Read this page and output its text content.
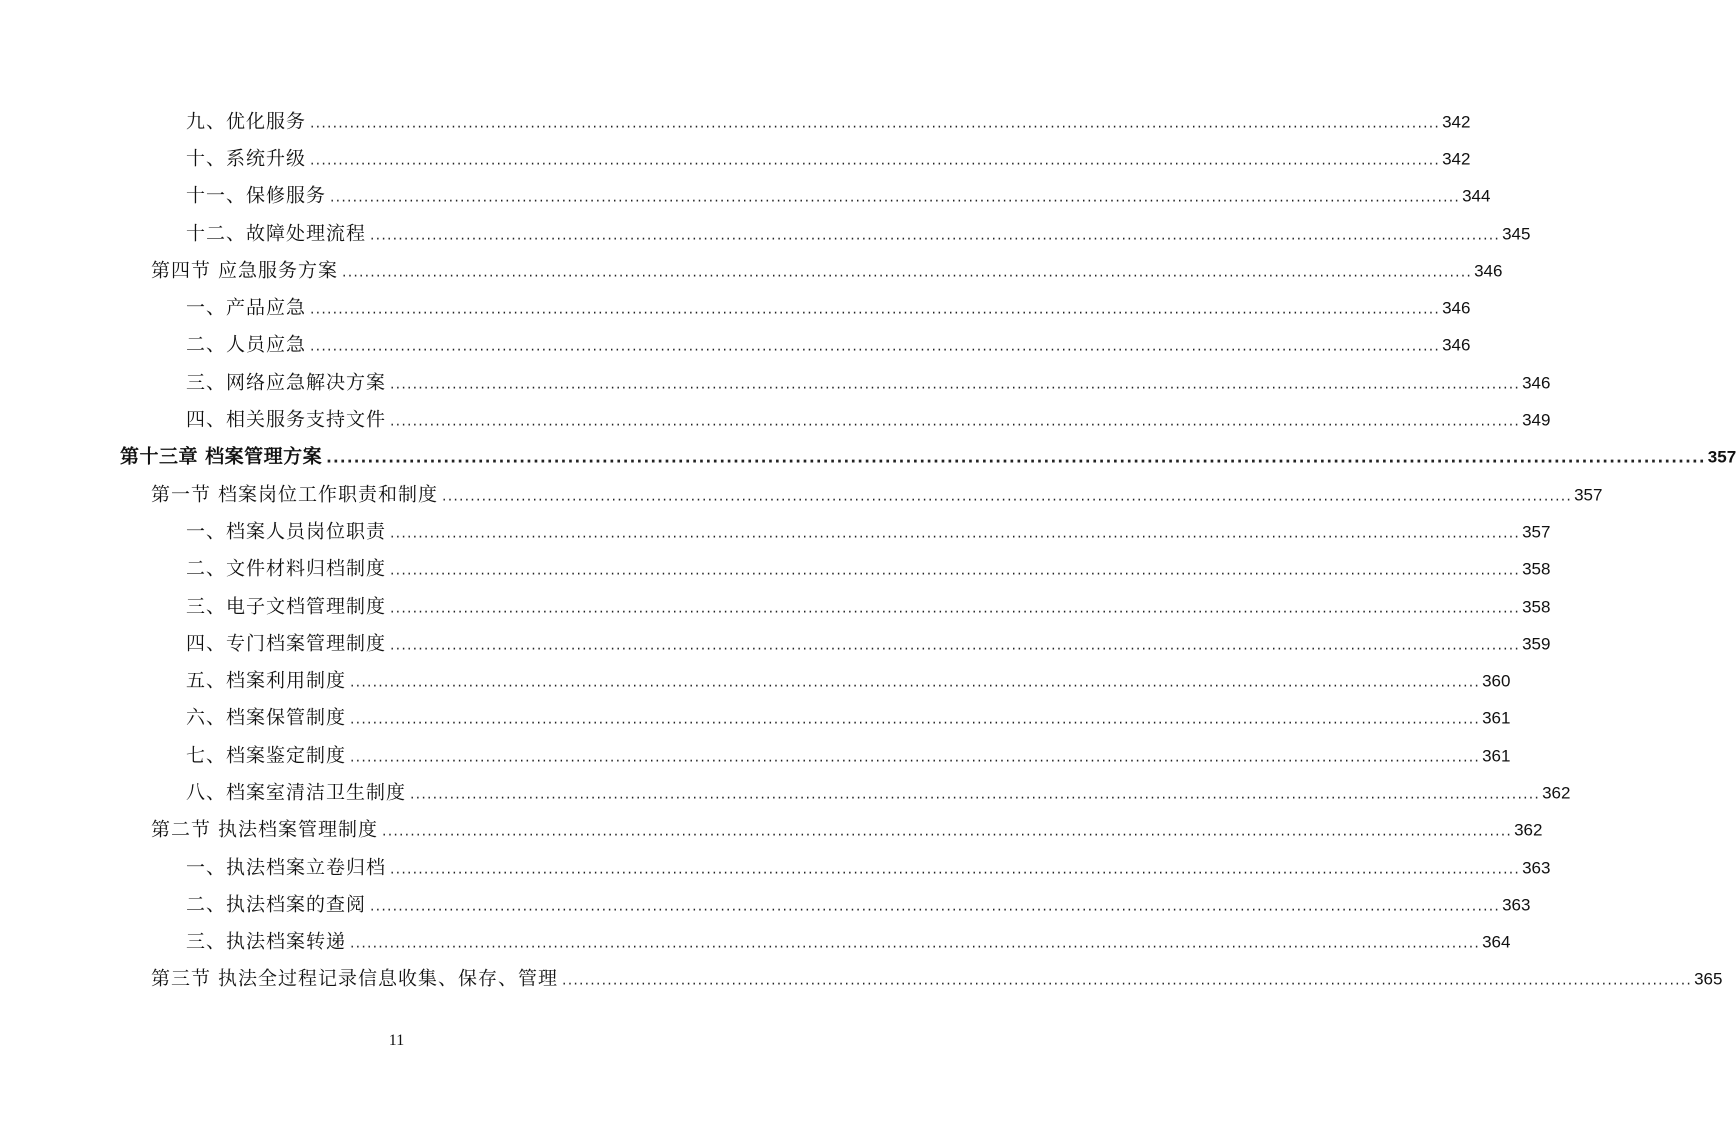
九、优化服务 ........................................................................................................................................................................................................ 342
十、系统升级 ........................................................................................................................................................................................................ 342
十一、保修服务 ........................................................................................................................................................................................................ 344
十二、故障处理流程 ........................................................................................................................................................................................................ 345
第四节 应急服务方案 ........................................................................................................................................................................................................ 346
一、产品应急 ........................................................................................................................................................................................................ 346
二、人员应急 ........................................................................................................................................................................................................ 346
三、网络应急解决方案 ........................................................................................................................................................................................................ 346
四、相关服务支持文件 ........................................................................................................................................................................................................ 349
第十三章 档案管理方案 ........................................................................................................................................................................................................ 357
第一节 档案岗位工作职责和制度 ........................................................................................................................................................................................................ 357
一、档案人员岗位职责 ........................................................................................................................................................................................................ 357
二、文件材料归档制度 ........................................................................................................................................................................................................ 358
三、电子文档管理制度 ........................................................................................................................................................................................................ 358
四、专门档案管理制度 ........................................................................................................................................................................................................ 359
五、档案利用制度 ........................................................................................................................................................................................................ 360
六、档案保管制度 ........................................................................................................................................................................................................ 361
七、档案鉴定制度 ........................................................................................................................................................................................................ 361
八、档案室清洁卫生制度 ........................................................................................................................................................................................................ 362
第二节 执法档案管理制度 ........................................................................................................................................................................................................ 362
一、执法档案立卷归档 ........................................................................................................................................................................................................ 363
二、执法档案的查阅 ........................................................................................................................................................................................................ 363
三、执法档案转递 ........................................................................................................................................................................................................ 364
第三节 执法全过程记录信息收集、保存、管理 ........................................................................................................................................................................................................ 365
11
